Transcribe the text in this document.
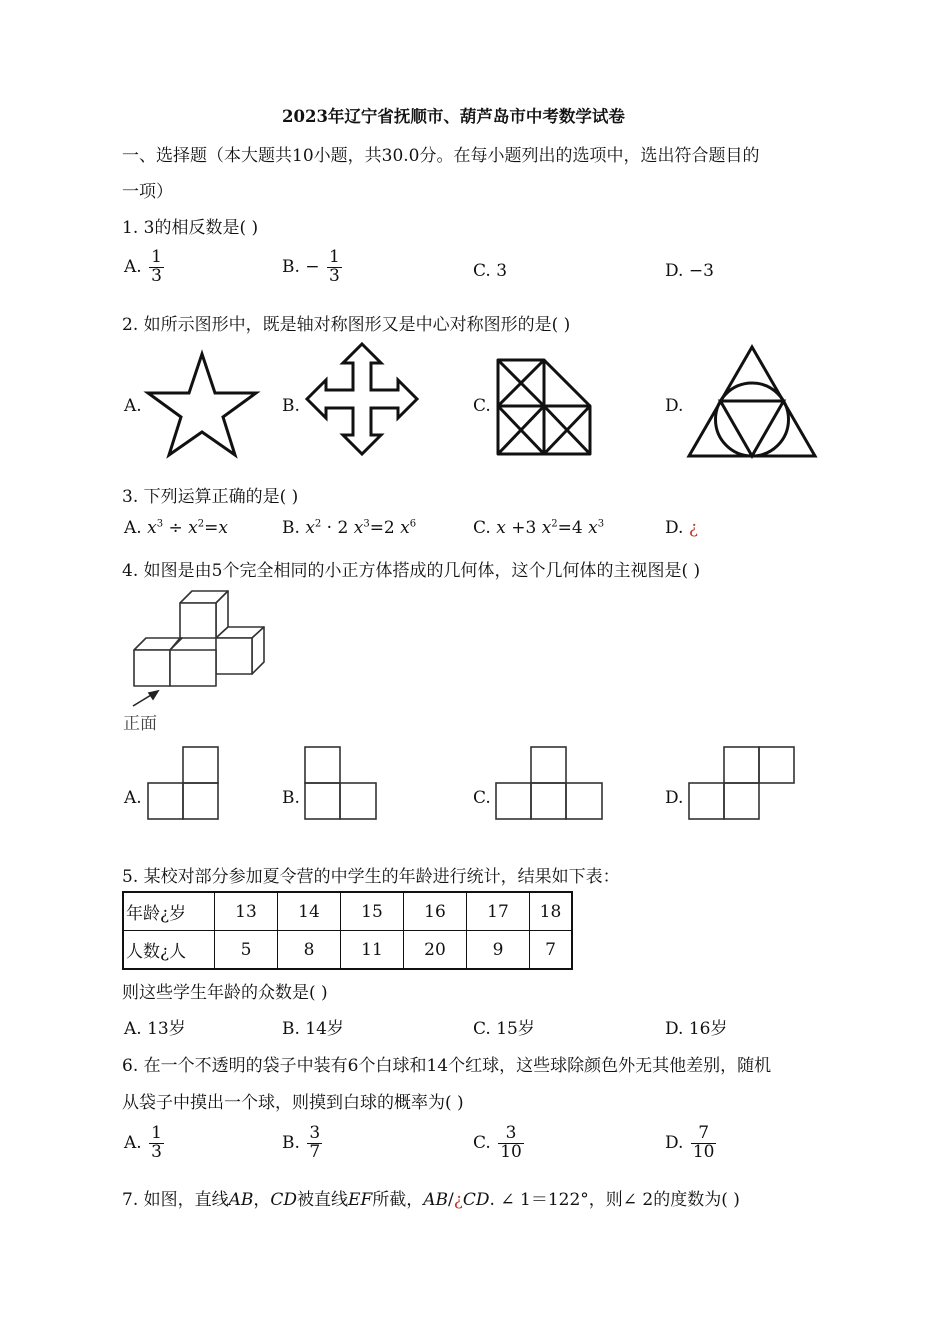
2023年辽宁省抚顺市、葫芦岛市中考数学试卷
一、选择题（本大题共10小题，共30.0分。在每小题列出的选项中，选出符合题目的
一项）
1. 3的相反数是( )
A. $\frac{1}{3}$	B. − $\frac{1}{3}$	C. 3	D. −3
2. 如所示图形中，既是轴对称图形又是中心对称图形的是( )
A.	B.	C.	D.
3. 下列运算正确的是( )
A. $x^3 \div x^2=x$	B. $x^2 \cdot 2$ $x^3=2$ $x^6$	C. x +3 $x^2=4$ $x^3$	D. ¿
4. 如图是由5个完全相同的小正方体搭成的几何体，这个几何体的主视图是( )
正面
A.	B.	C.	D.
5. 某校对部分参加夏令营的中学生的年龄进行统计，结果如下表：
年龄¿岁	13	14	15	16	17	18
人数¿人	5	8	11	20	9	7
则这些学生年龄的众数是( )
A. 13岁	B. 14岁	C. 15岁	D. 16岁
6. 在一个不透明的袋子中装有6个白球和14个红球，这些球除颜色外无其他差别，随机
从袋子中摸出一个球，则摸到白球的概率为( )
A. $\frac{1}{3}$	B. $\frac{3}{7}$	C. $\frac{3}{10}$	D. $\frac{7}{10}$
7. 如图，直线AB，CD被直线EF所截，AB/¿CD. ∠ 1＝122°，则∠ 2的度数为( )
